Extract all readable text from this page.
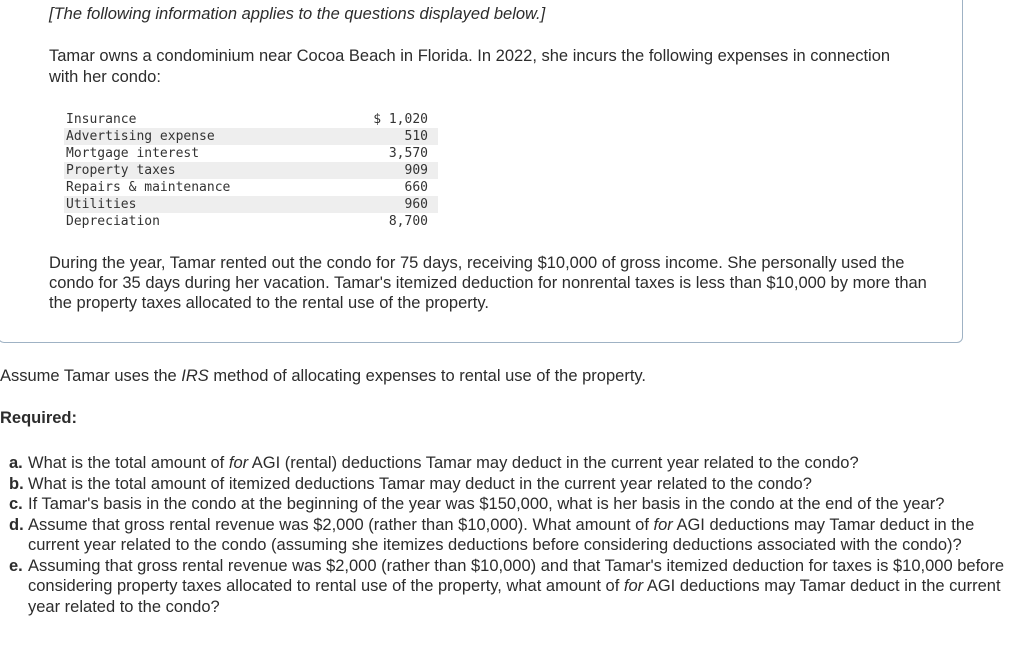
[The following information applies to the questions displayed below.]

Tamar owns a condominium near Cocoa Beach in Florida. In 2022, she incurs the following expenses in connection with her condo:

Insurance	$ 1,020
Advertising expense	510
Mortgage interest	3,570
Property taxes	909
Repairs & maintenance	660
Utilities	960
Depreciation	8,700

During the year, Tamar rented out the condo for 75 days, receiving $10,000 of gross income. She personally used the condo for 35 days during her vacation. Tamar's itemized deduction for nonrental taxes is less than $10,000 by more than the property taxes allocated to the rental use of the property.

Assume Tamar uses the IRS method of allocating expenses to rental use of the property.

Required:

a. What is the total amount of for AGI (rental) deductions Tamar may deduct in the current year related to the condo?
b. What is the total amount of itemized deductions Tamar may deduct in the current year related to the condo?
c. If Tamar's basis in the condo at the beginning of the year was $150,000, what is her basis in the condo at the end of the year?
d. Assume that gross rental revenue was $2,000 (rather than $10,000). What amount of for AGI deductions may Tamar deduct in the current year related to the condo (assuming she itemizes deductions before considering deductions associated with the condo)?
e. Assuming that gross rental revenue was $2,000 (rather than $10,000) and that Tamar's itemized deduction for taxes is $10,000 before considering property taxes allocated to rental use of the property, what amount of for AGI deductions may Tamar deduct in the current year related to the condo?
